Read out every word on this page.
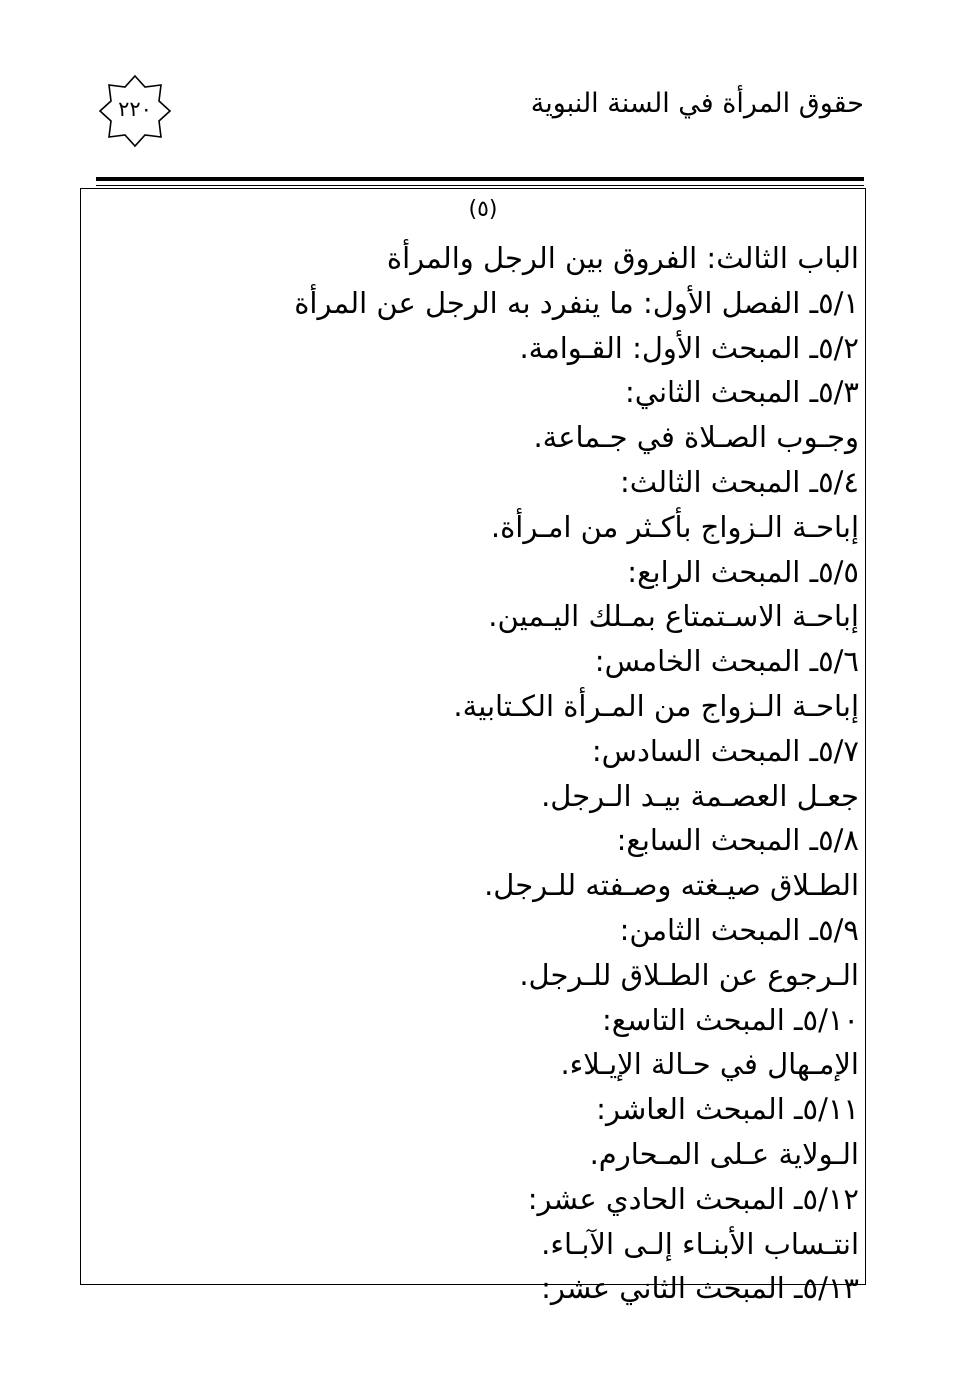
حقوق المرأة في السنة النبوية
٢٢٠
(٥)
الباب الثالث: الفروق بين الرجل والمرأة
٥/١ـ الفصل الأول: ما ينفرد به الرجل عن المرأة
٥/٢ـ المبحث الأول: القـوامة.
٥/٣ـ المبحث الثاني:
وجـوب الصـلاة في جـماعة.
٥/٤ـ المبحث الثالث:
إباحـة الـزواج بأكـثر من امـرأة.
٥/٥ـ المبحث الرابع:
إباحـة الاسـتمتاع بمـلك اليـمين.
٥/٦ـ المبحث الخامس:
إباحـة الـزواج من المـرأة الكـتابية.
٥/٧ـ المبحث السادس:
جعـل العصـمة بيـد الـرجل.
٥/٨ـ المبحث السابع:
الطـلاق صيـغته وصـفته للـرجل.
٥/٩ـ المبحث الثامن:
الـرجوع عن الطـلاق للـرجل.
٥/١٠ـ المبحث التاسع:
الإمـهال في حـالة الإيـلاء.
٥/١١ـ المبحث العاشر:
الـولاية عـلى المـحارم.
٥/١٢ـ المبحث الحادي عشر:
انتـساب الأبنـاء إلـى الآبـاء.
٥/١٣ـ المبحث الثاني عشر:
